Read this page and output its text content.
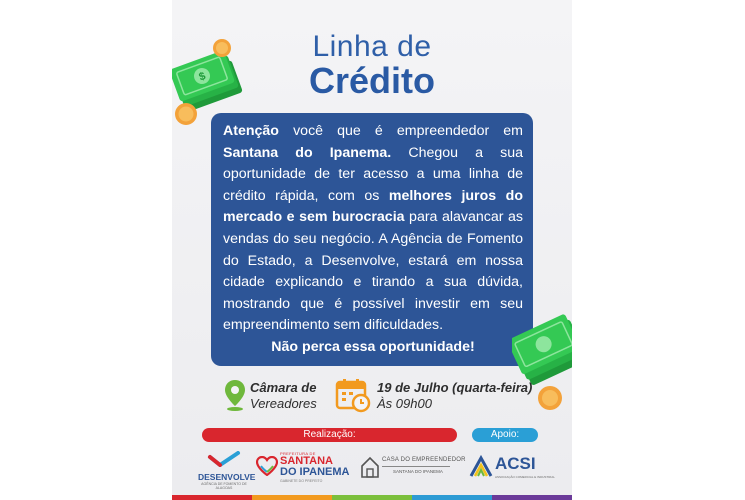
$
Linha de
Crédito
Atenção você que é empreendedor em Santana do Ipanema. Chegou a sua oportunidade de ter acesso a uma linha de crédito rápida, com os melhores juros do mercado e sem burocracia para alavancar as vendas do seu negócio. A Agência de Fomento do Estado, a Desenvolve, estará em nossa cidade explicando e tirando a sua dúvida, mostrando que é possível investir em seu empreendimento sem dificuldades.
Não perca essa oportunidade!
Câmara de
Vereadores
19 de Julho (quarta-feira)
Às 09h00
Realização:	Apoio:
DESENVOLVE
AGÊNCIA DE FOMENTO DE ALAGOAS
PREFEITURA DE
SANTANA
DO IPANEMA
GABINETE DO PREFEITO
CASA DO EMPREENDEDOR
SANTANA DO IPANEMA	ACSI
ASSOCIAÇÃO COMERCIAL E INDUSTRIAL
